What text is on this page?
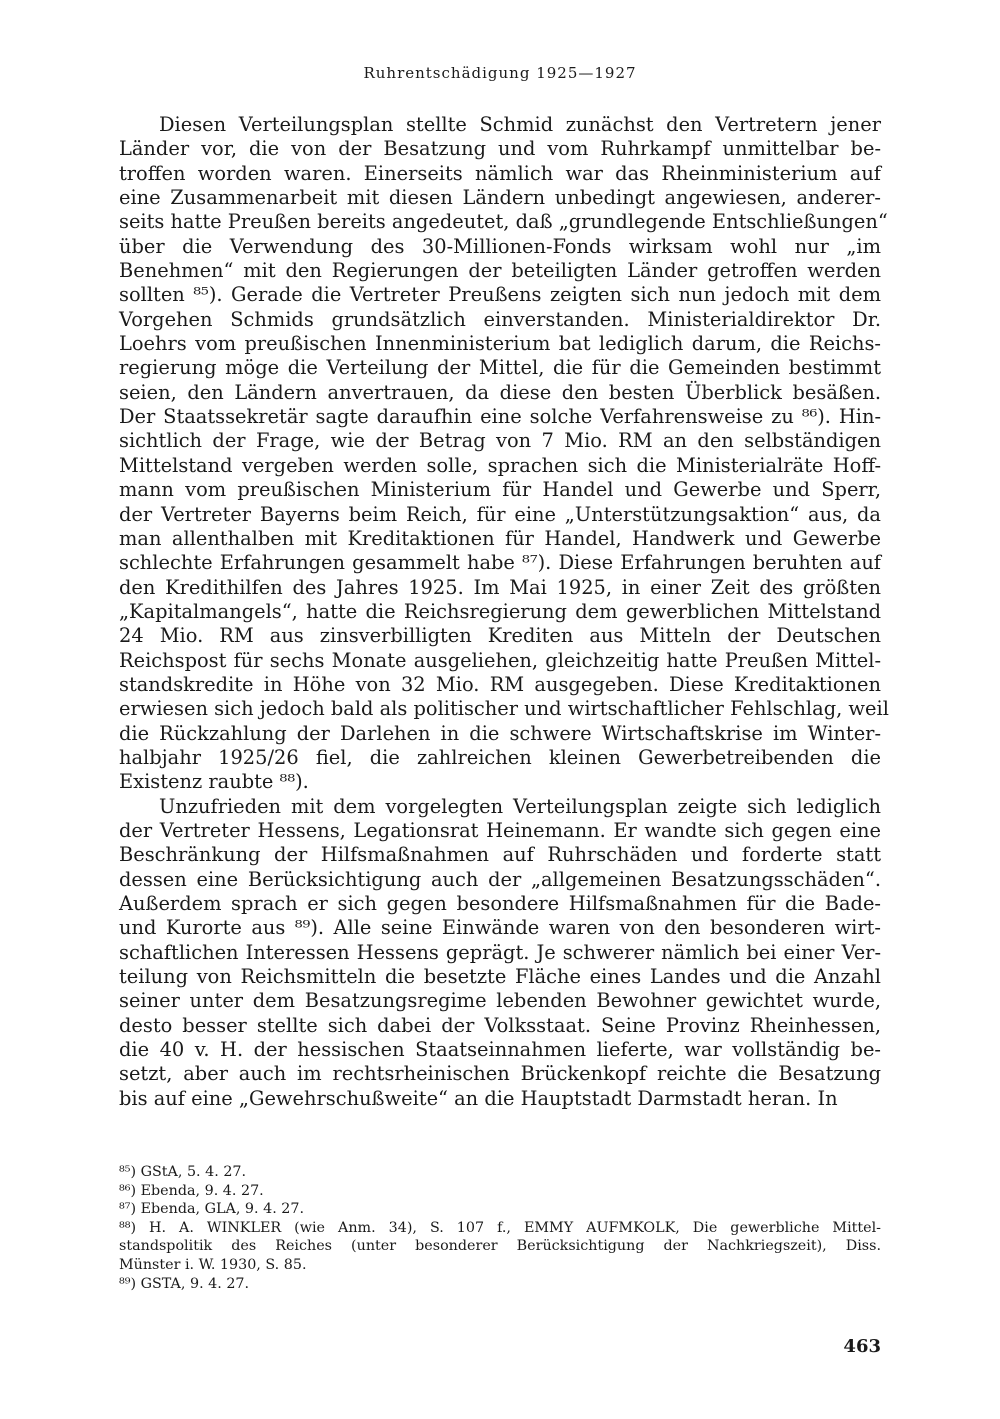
Ruhrentschädigung 1925—1927
Diesen Verteilungsplan stellte Schmid zunächst den Vertretern jener
Länder vor, die von der Besatzung und vom Ruhrkampf unmittelbar be-
troffen worden waren. Einerseits nämlich war das Rheinministerium auf
eine Zusammenarbeit mit diesen Ländern unbedingt angewiesen, anderer-
seits hatte Preußen bereits angedeutet, daß „grundlegende Entschließungen“
über die Verwendung des 30-Millionen-Fonds wirksam wohl nur „im
Benehmen“ mit den Regierungen der beteiligten Länder getroffen werden
sollten ⁸⁵). Gerade die Vertreter Preußens zeigten sich nun jedoch mit dem
Vorgehen Schmids grundsätzlich einverstanden. Ministerialdirektor Dr.
Loehrs vom preußischen Innenministerium bat lediglich darum, die Reichs-
regierung möge die Verteilung der Mittel, die für die Gemeinden bestimmt
seien, den Ländern anvertrauen, da diese den besten Überblick besäßen.
Der Staatssekretär sagte daraufhin eine solche Verfahrensweise zu ⁸⁶). Hin-
sichtlich der Frage, wie der Betrag von 7 Mio. RM an den selbständigen
Mittelstand vergeben werden solle, sprachen sich die Ministerialräte Hoff-
mann vom preußischen Ministerium für Handel und Gewerbe und Sperr,
der Vertreter Bayerns beim Reich, für eine „Unterstützungsaktion“ aus, da
man allenthalben mit Kreditaktionen für Handel, Handwerk und Gewerbe
schlechte Erfahrungen gesammelt habe ⁸⁷). Diese Erfahrungen beruhten auf
den Kredithilfen des Jahres 1925. Im Mai 1925, in einer Zeit des größten
„Kapitalmangels“, hatte die Reichsregierung dem gewerblichen Mittelstand
24 Mio. RM aus zinsverbilligten Krediten aus Mitteln der Deutschen
Reichspost für sechs Monate ausgeliehen, gleichzeitig hatte Preußen Mittel-
standskredite in Höhe von 32 Mio. RM ausgegeben. Diese Kreditaktionen
erwiesen sich jedoch bald als politischer und wirtschaftlicher Fehlschlag, weil
die Rückzahlung der Darlehen in die schwere Wirtschaftskrise im Winter-
halbjahr 1925/26 fiel, die zahlreichen kleinen Gewerbetreibenden die
Existenz raubte ⁸⁸).
Unzufrieden mit dem vorgelegten Verteilungsplan zeigte sich lediglich
der Vertreter Hessens, Legationsrat Heinemann. Er wandte sich gegen eine
Beschränkung der Hilfsmaßnahmen auf Ruhrschäden und forderte statt
dessen eine Berücksichtigung auch der „allgemeinen Besatzungsschäden“.
Außerdem sprach er sich gegen besondere Hilfsmaßnahmen für die Bade-
und Kurorte aus ⁸⁹). Alle seine Einwände waren von den besonderen wirt-
schaftlichen Interessen Hessens geprägt. Je schwerer nämlich bei einer Ver-
teilung von Reichsmitteln die besetzte Fläche eines Landes und die Anzahl
seiner unter dem Besatzungsregime lebenden Bewohner gewichtet wurde,
desto besser stellte sich dabei der Volksstaat. Seine Provinz Rheinhessen,
die 40 v. H. der hessischen Staatseinnahmen lieferte, war vollständig be-
setzt, aber auch im rechtsrheinischen Brückenkopf reichte die Besatzung
bis auf eine „Gewehrschußweite“ an die Hauptstadt Darmstadt heran. In
⁸⁵) GStA, 5. 4. 27.
⁸⁶) Ebenda, 9. 4. 27.
⁸⁷) Ebenda, GLA, 9. 4. 27.
⁸⁸) H. A. WINKLER (wie Anm. 34), S. 107 f., EMMY AUFMKOLK, Die gewerbliche Mittel-
standspolitik des Reiches (unter besonderer Berücksichtigung der Nachkriegszeit), Diss.
Münster i. W. 1930, S. 85.
⁸⁹) GSTA, 9. 4. 27.
463
